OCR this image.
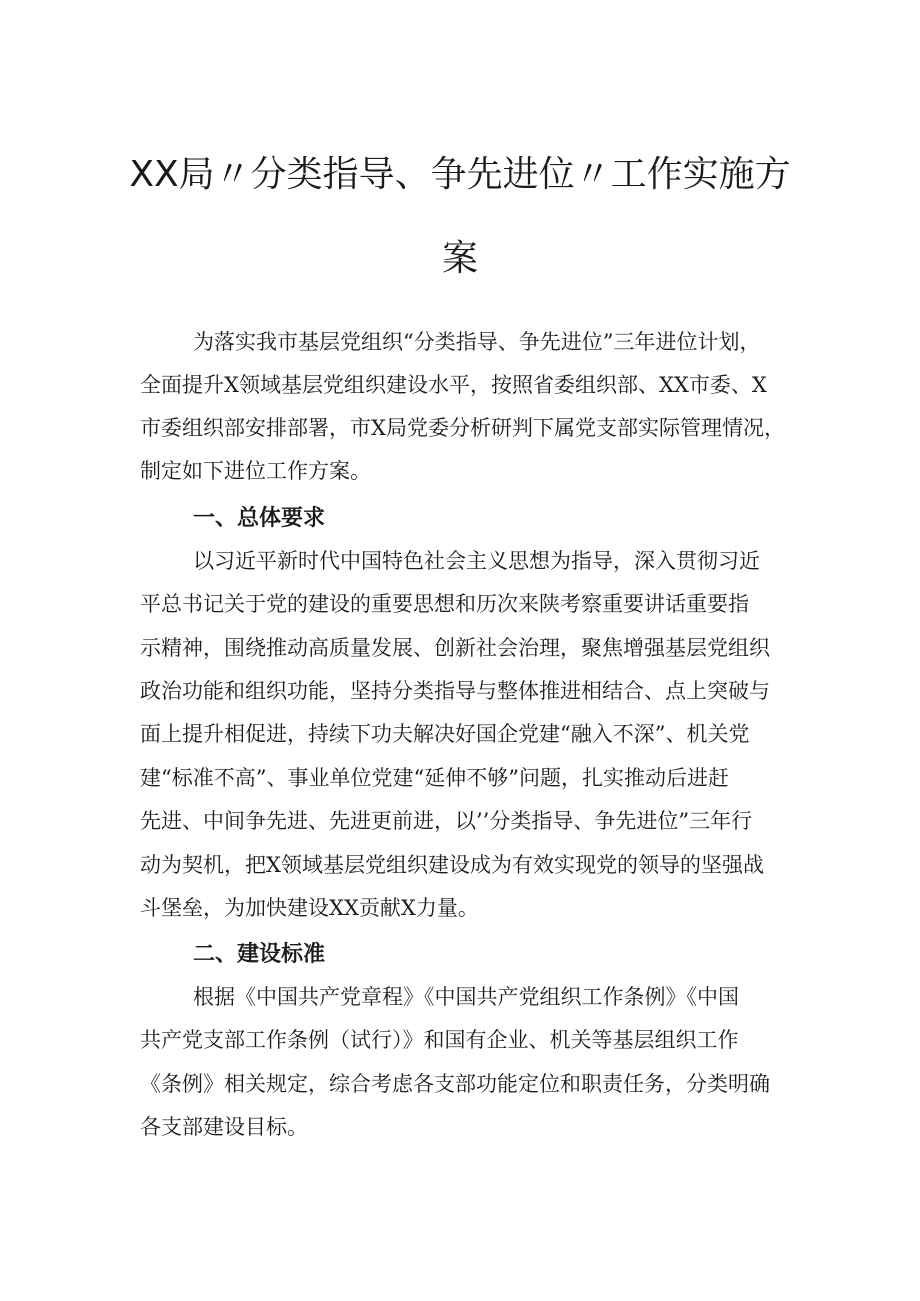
XX局〃分类指导、争先进位〃工作实施方
案

为落实我市基层党组织“分类指导、争先进位”三年进位计划，

全面提升X领域基层党组织建设水平，按照省委组织部、XX市委、X

市委组织部安排部署，市X局党委分析研判下属党支部实际管理情况，

制定如下进位工作方案。

一、总体要求

以习近平新时代中国特色社会主义思想为指导，深入贯彻习近

平总书记关于党的建设的重要思想和历次来陕考察重要讲话重要指

示精神，围绕推动高质量发展、创新社会治理，聚焦增强基层党组织

政治功能和组织功能，坚持分类指导与整体推进相结合、点上突破与

面上提升相促进，持续下功夫解决好国企党建“融入不深”、机关党

建“标准不高”、事业单位党建“延伸不够”问题，扎实推动后进赶

先进、中间争先进、先进更前进，以’’分类指导、争先进位”三年行

动为契机，把X领域基层党组织建设成为有效实现党的领导的坚强战

斗堡垒，为加快建设XX贡献X力量。

二、建设标准

根据《中国共产党章程》《中国共产党组织工作条例》《中国

共产党支部工作条例（试行）》和国有企业、机关等基层组织工作

《条例》相关规定，综合考虑各支部功能定位和职责任务，分类明确

各支部建设目标。
